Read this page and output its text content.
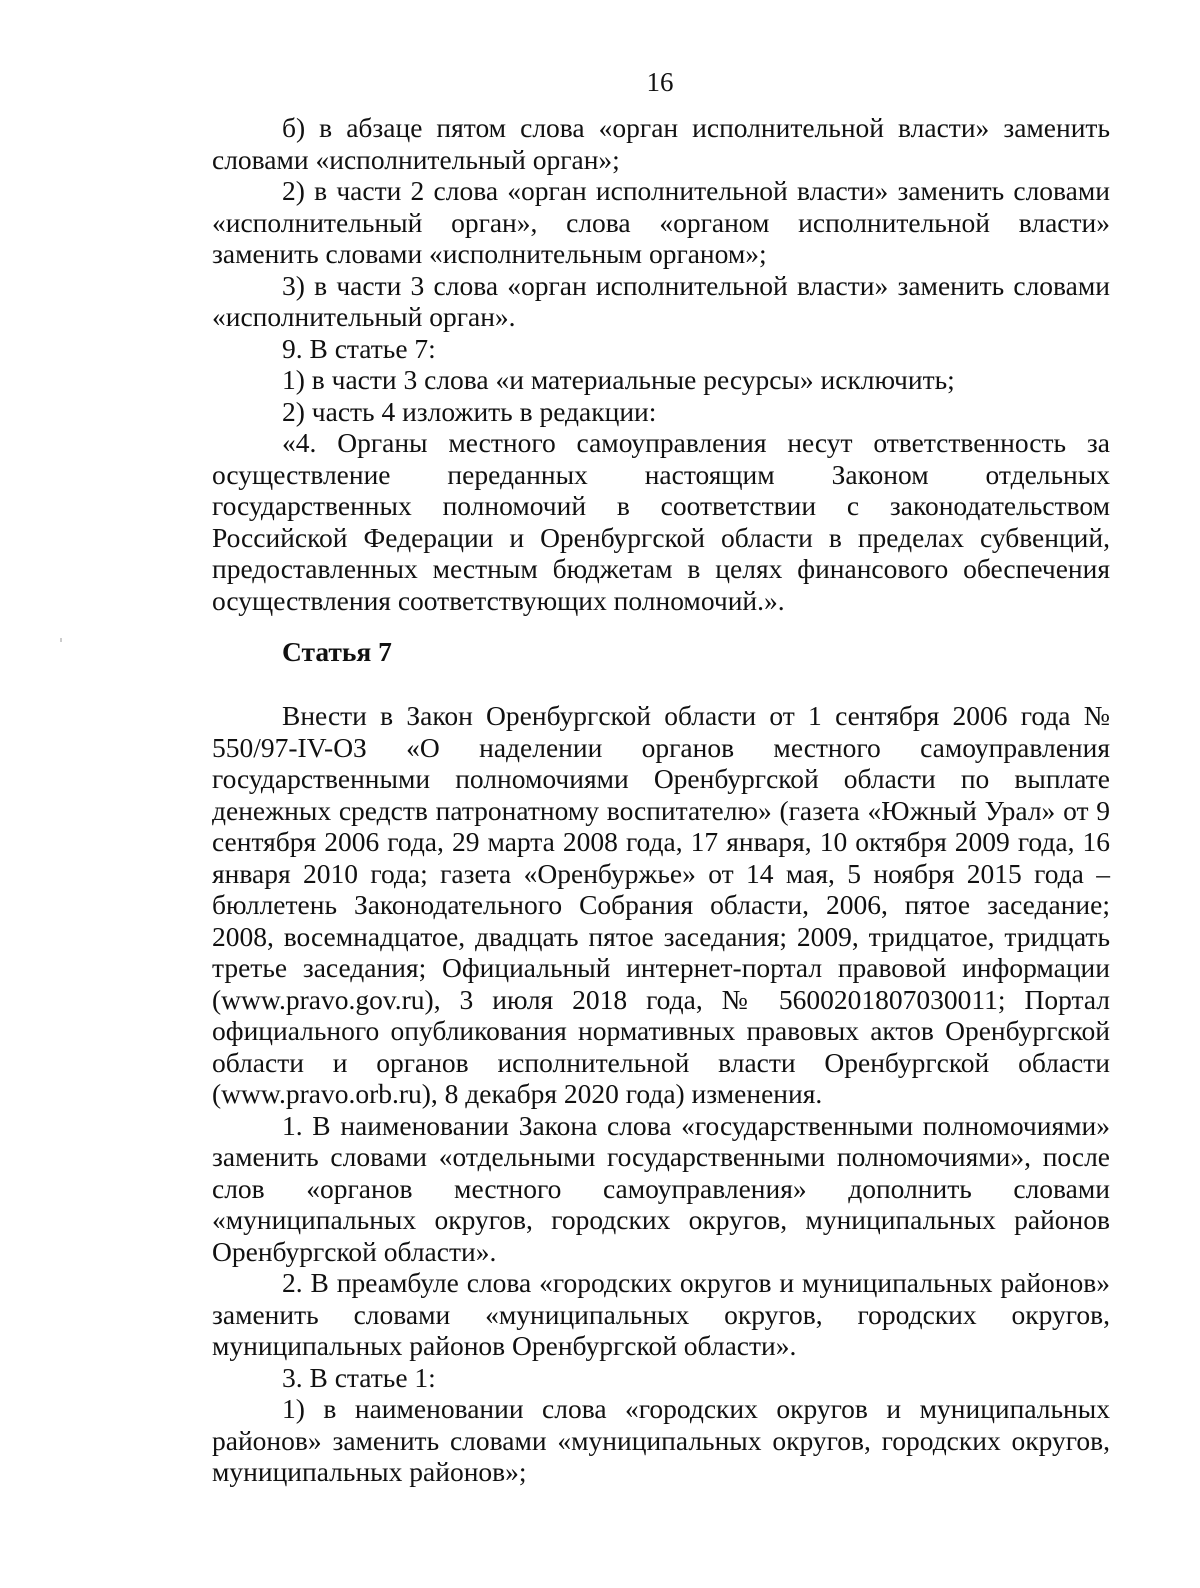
16

б) в абзаце пятом слова «орган исполнительной власти» заменить словами «исполнительный орган»;

2) в части 2 слова «орган исполнительной власти» заменить словами «исполнительный орган», слова «органом исполнительной власти» заменить словами «исполнительным органом»;

3) в части 3 слова «орган исполнительной власти» заменить словами «исполнительный орган».

9. В статье 7:

1) в части 3 слова «и материальные ресурсы» исключить;

2) часть 4 изложить в редакции:

«4. Органы местного самоуправления несут ответственность за осуществление переданных настоящим Законом отдельных государственных полномочий в соответствии с законодательством Российской Федерации и Оренбургской области в пределах субвенций, предоставленных местным бюджетам в целях финансового обеспечения осуществления соответствующих полномочий.».

Статья 7

Внести в Закон Оренбургской области от 1 сентября 2006 года № 550/97-IV-ОЗ «О наделении органов местного самоуправления государственными полномочиями Оренбургской области по выплате денежных средств патронатному воспитателю» (газета «Южный Урал» от 9 сентября 2006 года, 29 марта 2008 года, 17 января, 10 октября 2009 года, 16 января 2010 года; газета «Оренбуржье» от 14 мая, 5 ноября 2015 года – бюллетень Законодательного Собрания области, 2006, пятое заседание; 2008, восемнадцатое, двадцать пятое заседания; 2009, тридцатое, тридцать третье заседания; Официальный интернет-портал правовой информации (www.pravo.gov.ru), 3 июля 2018 года, № 5600201807030011; Портал официального опубликования нормативных правовых актов Оренбургской области и органов исполнительной власти Оренбургской области (www.pravo.orb.ru), 8 декабря 2020 года) изменения.

1. В наименовании Закона слова «государственными полномочиями» заменить словами «отдельными государственными полномочиями», после слов «органов местного самоуправления» дополнить словами «муниципальных округов, городских округов, муниципальных районов Оренбургской области».

2. В преамбуле слова «городских округов и муниципальных районов» заменить словами «муниципальных округов, городских округов, муниципальных районов Оренбургской области».

3. В статье 1:

1) в наименовании слова «городских округов и муниципальных районов» заменить словами «муниципальных округов, городских округов, муниципальных районов»;
